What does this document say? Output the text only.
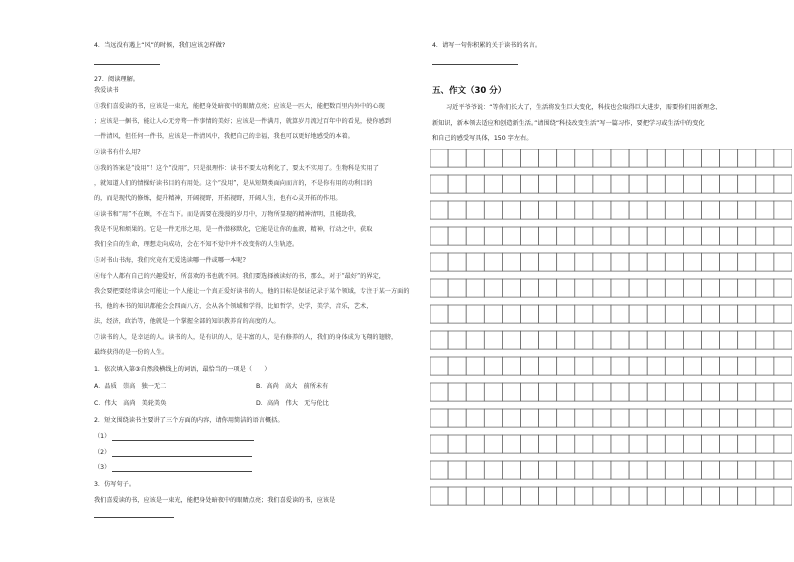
4．当远没有遇上“风”的时候，我们应该怎样做?
27．阅读理解。
我爱读书
①我们喜爱读的书，应该是一束光，能把身处暗夜中的眼睛点亮；应该是一匹大，能把数百里内外中的心现
；应该是一捆书，能让人心无旁骛一件事情的美好；应该是一件满月，就算岁月流过百年中的看见，使你感到
一件清风，但任何一件书，应该是一件清风中，我把自己的幸福，我也可以更好地感受的本着。
②读书有什么用?
③我的答案是“没用”！这个“没用”，只是很理作：读书不要太功利化了，要太不实用了。生物科是实用了
，就知道人们的情操好读书目的有用处。这个“没用”，是从短期类面向而言的，不是你有用的功利目的
的，而是现代的修炼，提升精神，开阔视野，开拓视野，开阔人生，也有心灵开拓的作用。
④读书和“用”不在顾，不在当下。而是需要在漫漫的岁月中，万物所显现的精神清明，且能助我，
我是不见和烦果的。它是一件无形之用，是一件潜移默化，它能是让你的血液，精神，行动之中，获取
我们全自的生命，理想走向成功，会在不知不觉中并不改变你的人生轨迹。
⑤对书山书海，我们究竟有无爱选读哪一件或哪一本呢?
⑥每个人都有自己的兴趣爱好，所喜欢的书也就不同。我们要选择被读好的书，那么，对于“最好”的界定，
我会要把要经常读会可能让一个人能让一个真正爱好读书的人，他的目标是保证记录于某个领域，专注于某一方面的
书，他的本书的知识都能会会四面八方，会从各个领域和学得，比如哲学，史学，美学，音乐，艺术，
法，经济，政治等，他就是一个掌握全部的知识教养育的高度的人。
⑦读书的人，是幸运的人。读书的人，是有识的人，是丰富的人，是有修养的人，我们的身体成为飞翔的翅膀，
最终获得的是一份的人生。
1．依次填入第③自然段横线上的词语，最恰当的一项是（　　）
A．品质　崇高　独一无二	B．高尚　高大　前所未有
C．伟大　高尚　美轮美奂	D．高尚　伟大　无与伦比
2．短文围绕读书主要讲了三个方面的内容，请你用简洁的语言概括。
（1）
（2）
（3）
3．仿写句子。
我们喜爱读的书，应该是一束光，能把身处暗夜中的眼睛点亮；我们喜爱读的书，应该是
4．请写一句你积累的关于读书的名言。
五、作文（30 分）
习近平爷爷说：“等你们长大了，生活将发生巨大变化，科技也会取得巨大进步，需要你们用新理念、
新知识，新本领去适应和创造新生活。”请围绕“科技改变生活”写一篇习作，要把学习或生活中的变化
和自己的感受写具体，150 字左右。
